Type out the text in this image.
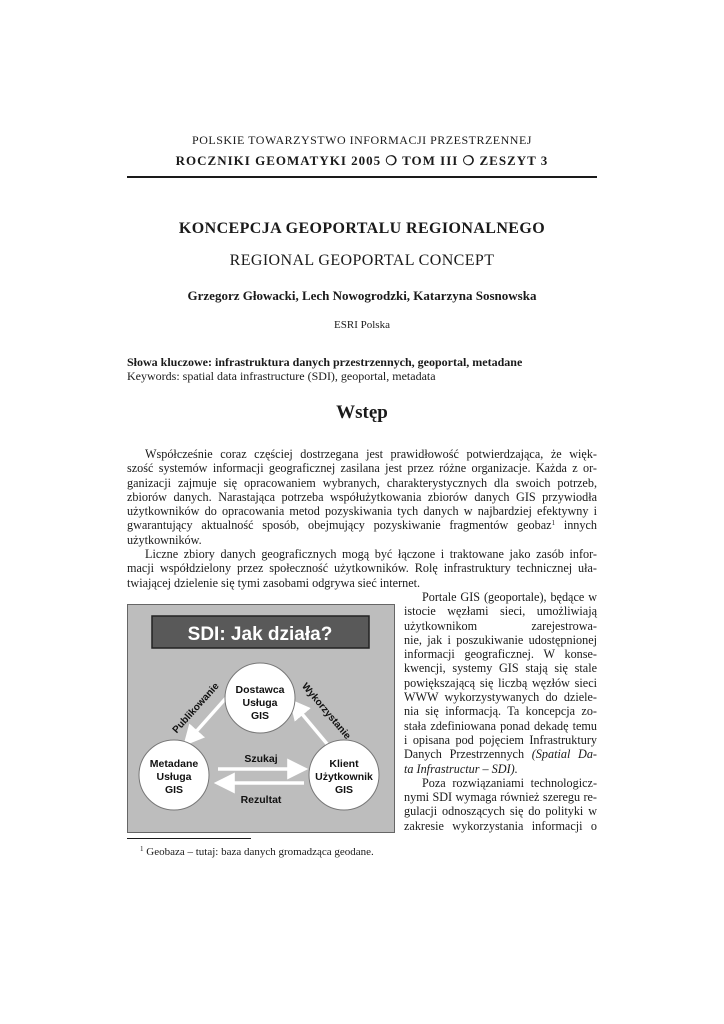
POLSKIE TOWARZYSTWO INFORMACJI PRZESTRZENNEJ
ROCZNIKI GEOMATYKI 2005 ❍ TOM III ❍ ZESZYT 3
KONCEPCJA GEOPORTALU REGIONALNEGO
REGIONAL GEOPORTAL CONCEPT
Grzegorz Głowacki, Lech Nowogrodzki, Katarzyna Sosnowska
ESRI Polska
Słowa kluczowe: infrastruktura danych przestrzennych, geoportal, metadane
Keywords: spatial data infrastructure (SDI), geoportal, metadata
Wstęp
Współcześnie coraz częściej dostrzegana jest prawidłowość potwierdzająca, że więk-
szość systemów informacji geograficznej zasilana jest przez różne organizacje. Każda z or-
ganizacji zajmuje się opracowaniem wybranych, charakterystycznych dla swoich potrzeb,
zbiorów danych. Narastająca potrzeba współużytkowania zbiorów danych GIS przywiodła
użytkowników do opracowania metod pozyskiwania tych danych w najbardziej efektywny i
gwarantujący aktualność sposób, obejmujący pozyskiwanie fragmentów geobaz$^1$ innych
użytkowników.
Liczne zbiory danych geograficznych mogą być łączone i traktowane jako zasób infor-
macji współdzielony przez społeczność użytkowników. Rolę infrastruktury technicznej uła-
twiającej dzielenie się tymi zasobami odgrywa sieć internet.
Portale GIS (geoportale), będące w
istocie węzłami sieci, umożliwiają
użytkownikom zarejestrowa-
nie, jak i poszukiwanie udostępnionej
informacji geograficznej. W konse-
kwencji, systemy GIS stają się stale
powiększającą się liczbą węzłów sieci
WWW wykorzystywanych do dziele-
nia się informacją. Ta koncepcja zo-
stała zdefiniowana ponad dekadę temu
i opisana pod pojęciem Infrastruktury
Danych Przestrzennych (Spatial Da-
ta Infrastructur – SDI).
Poza rozwiązaniami technologicz-
nymi SDI wymaga również szeregu re-
gulacji odnoszących się do polityki w
zakresie wykorzystania informacji o
SDI: Jak działa?
Dostawca
Usługa
GIS
Metadane
Usługa
GIS
Klient
Użytkownik
GIS
Publikowanie	Wykorzystanie
Szukaj
Rezultat
$^1$ Geobaza – tutaj: baza danych gromadząca geodane.
